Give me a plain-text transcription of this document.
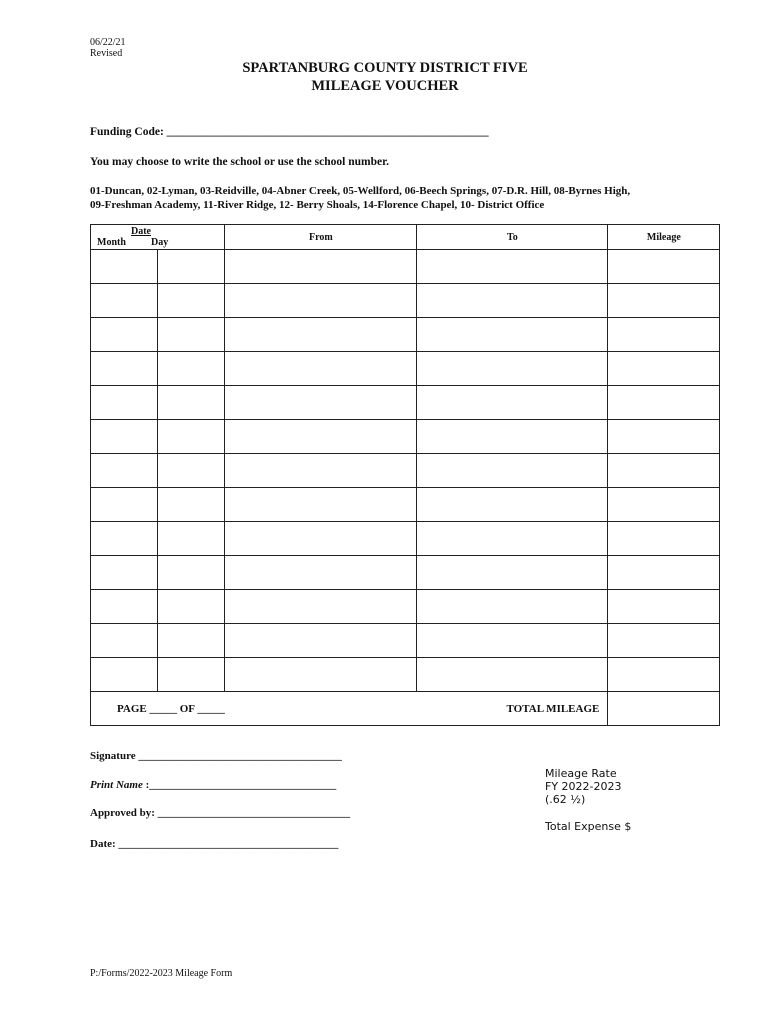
06/22/21
Revised
SPARTANBURG COUNTY DISTRICT FIVE
MILEAGE VOUCHER
Funding Code: ________________________________________________________
You may choose to write the school or use the school number.
01-Duncan, 02-Lyman, 03-Reidville, 04-Abner Creek, 05-Wellford, 06-Beech Springs, 07-D.R. Hill, 08-Byrnes High,
09-Freshman Academy, 11-River Ridge, 12- Berry Shoals, 14-Florence Chapel, 10- District Office
Date
Month Day		From	To	Mileage

PAGE _____ OF _____			TOTAL MILEAGE	
Signature _____________________________________
Print Name :__________________________________
Approved by: ___________________________________
Date: ________________________________________
Mileage Rate
FY 2022-2023
(.62 ½)
Total Expense $
P:/Forms/2022-2023 Mileage Form
